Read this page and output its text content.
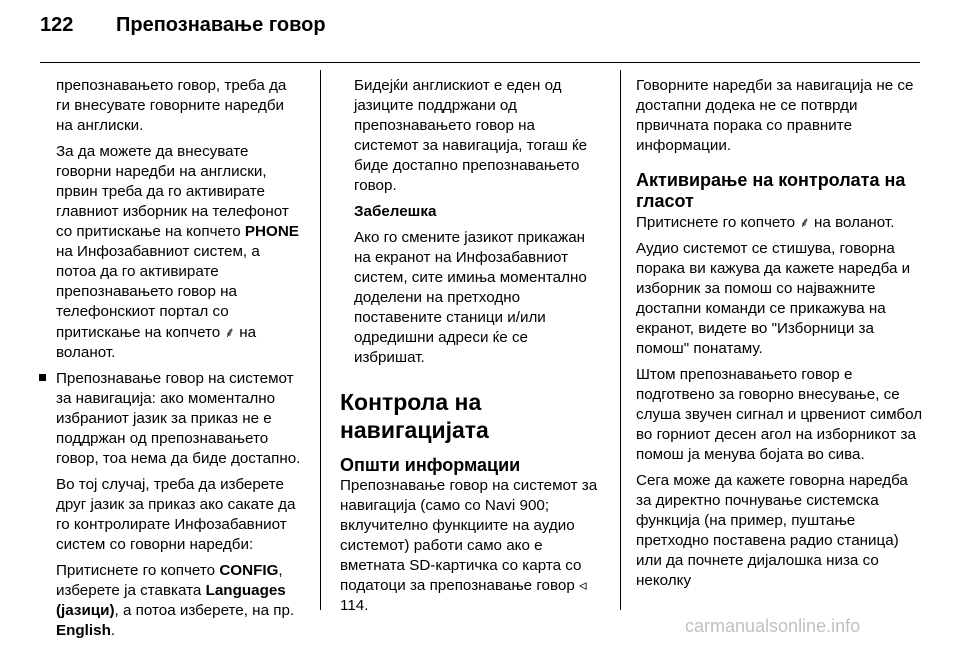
122 Препознавање говор

препознавањето говор, треба да ги внесувате говорните наредби на англиски.

За да можете да внесувате говорни наредби на англиски, првин треба да го активирате главниот изборник на телефонот со притискање на копчето PHONE на Инфозабавниот систем, а потоа да го активирате препознавањето говор на телефонскиот портал со притискање на копчето ⸙ на воланот.

Препознавање говор на системот за навигација: ако моментално избраниот јазик за приказ не е поддржан од препознавањето говор, тоа нема да биде достапно.

Во тој случај, треба да изберете друг јазик за приказ ако сакате да го контролирате Инфозабавниот систем со говорни наредби:

Притиснете го копчето CONFIG, изберете ја ставката Languages (јазици), а потоа изберете, на пр. English.

Бидејќи англискиот е еден од јазиците поддржани од препознавањето говор на системот за навигација, тогаш ќе биде достапно препознавањето говор.

Забелешка

Ако го смените јазикот прикажан на екранот на Инфозабавниот систем, сите имиња моментално доделени на претходно поставените станици и/или одредишни адреси ќе се избришат.

Контрола на навигацијата
Општи информации

Препознавање говор на системот за навигација (само со Navi 900; вклучително функциите на аудио системот) работи само ако е вметната SD-картичка со карта со податоци за препознавање говор ◃ 114.

Говорните наредби за навигација не се достапни додека не се потврди првичната порака со правните информации.

Активирање на контролата на гласот

Притиснете го копчето ⸙ на воланот.

Аудио системот се стишува, говорна порака ви кажува да кажете наредба и изборник за помош со најважните достапни команди се прикажува на екранот, видете во "Изборници за помош" понатаму.

Штом препознавањето говор е подготвено за говорно внесување, се слуша звучен сигнал и црвениот симбол во горниот десен агол на изборникот за помош ја менува бојата во сива.

Сега може да кажете говорна наредба за директно почнување системска функција (на пример, пуштање претходно поставена радио станица) или да почнете дијалошка низа со неколку

carmanualsonline.info
